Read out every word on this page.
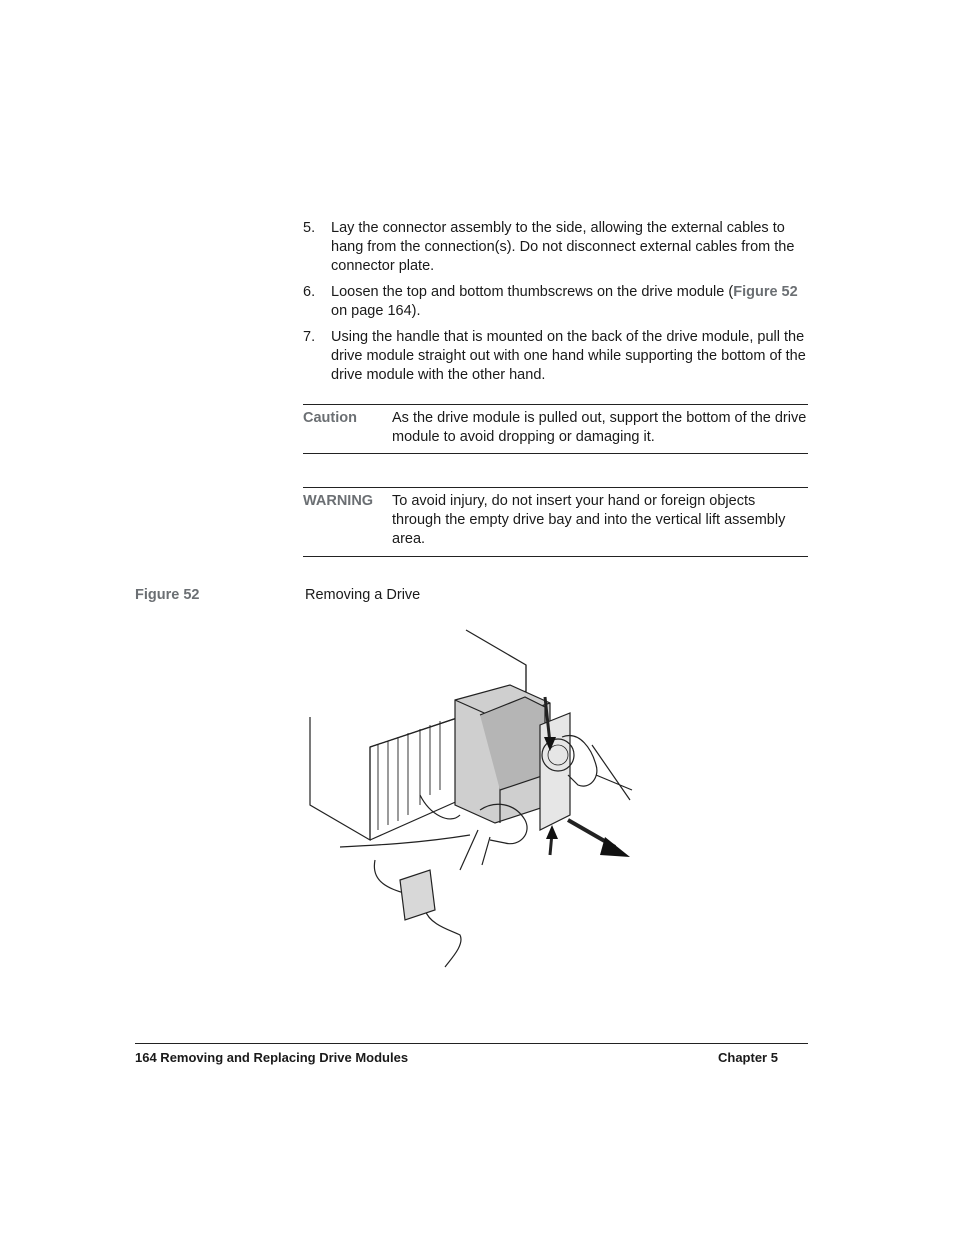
5. Lay the connector assembly to the side, allowing the external cables to hang from the connection(s). Do not disconnect external cables from the connector plate.
6. Loosen the top and bottom thumbscrews on the drive module (Figure 52 on page 164).
7. Using the handle that is mounted on the back of the drive module, pull the drive module straight out with one hand while supporting the bottom of the drive module with the other hand.
Caution As the drive module is pulled out, support the bottom of the drive module to avoid dropping or damaging it.
WARNING To avoid injury, do not insert your hand or foreign objects through the empty drive bay and into the vertical lift assembly area.
Figure 52	Removing a Drive
164 Removing and Replacing Drive Modules	Chapter 5
